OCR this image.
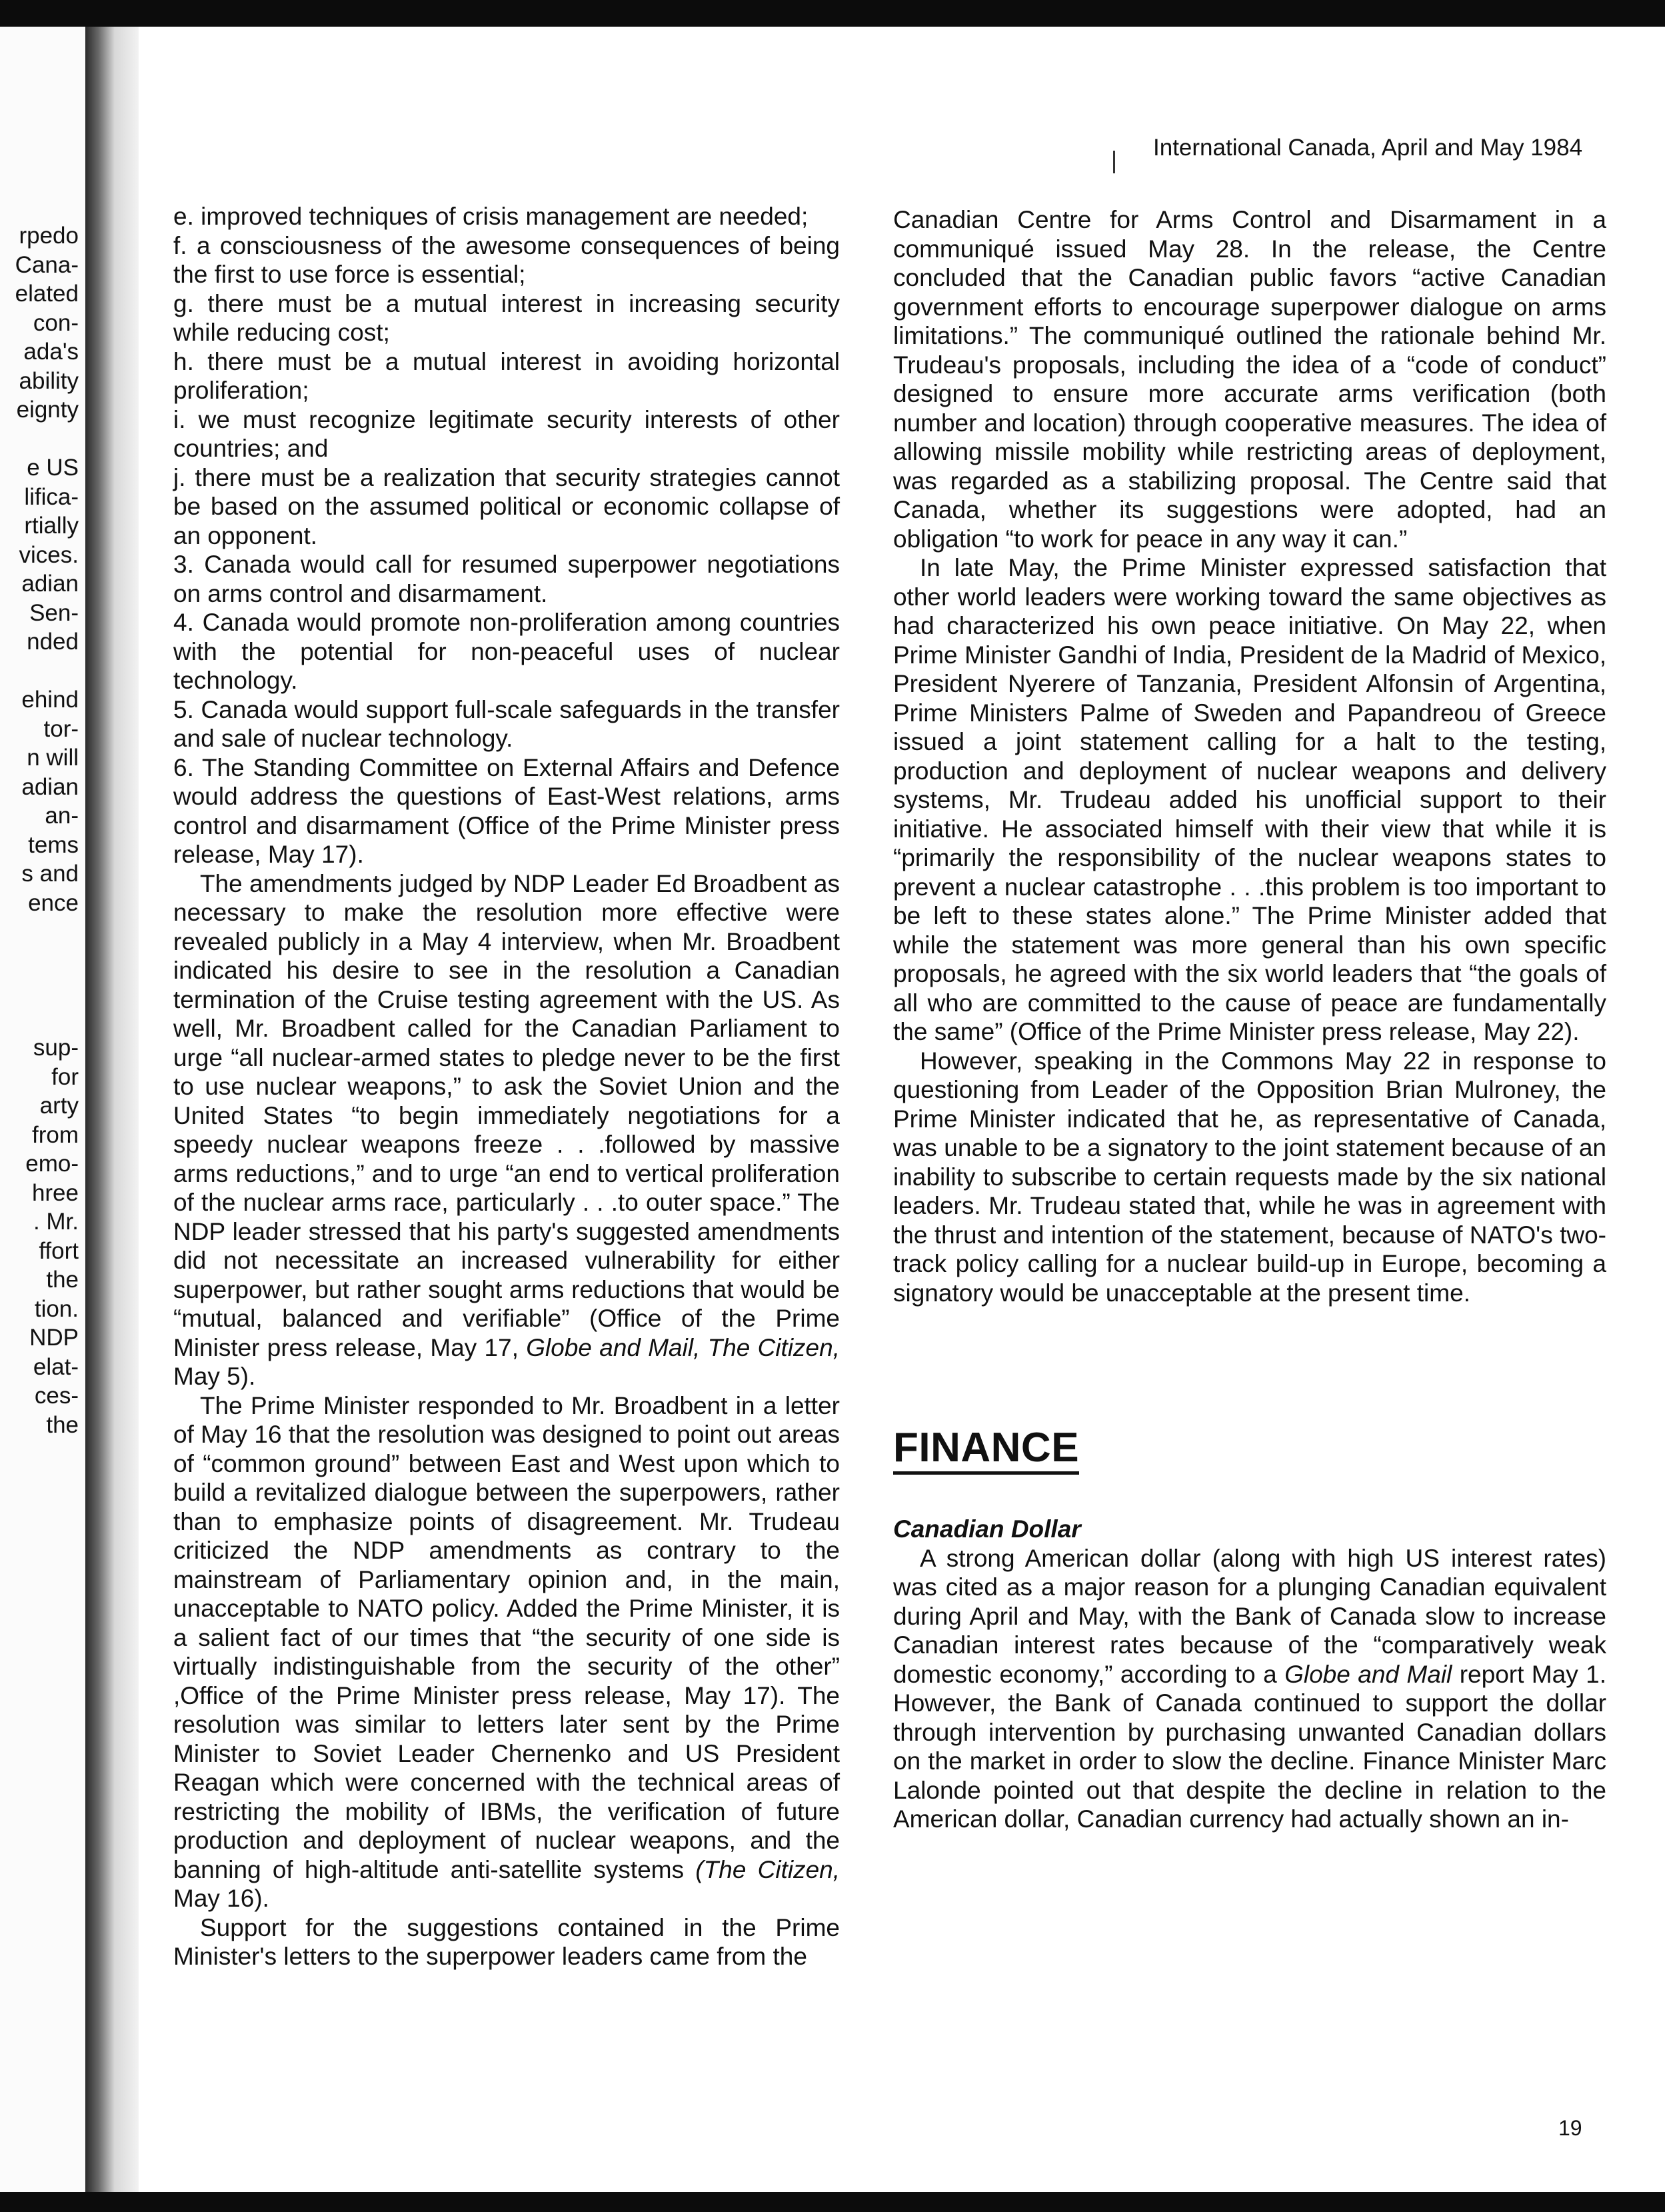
rpedo
Cana-
elated
con-
ada's
ability
eignty
e US
lifica-
rtially
vices.
adian
Sen-
nded
ehind
tor-
n will
adian
an-
tems
s and
ence
sup-
for
arty
from
emo-
hree
. Mr.
ffort
the
tion.
NDP
elat-
ces-
the
International Canada, April and May 1984

e. improved techniques of crisis management are needed;

f. a consciousness of the awesome consequences of being the first to use force is essential;

g. there must be a mutual interest in increasing security while reducing cost;

h. there must be a mutual interest in avoiding horizontal proliferation;

i. we must recognize legitimate security interests of other countries; and

j. there must be a realization that security strategies cannot be based on the assumed political or economic collapse of an opponent.

3. Canada would call for resumed superpower negotiations on arms control and disarmament.

4. Canada would promote non-proliferation among countries with the potential for non-peaceful uses of nuclear technology.

5. Canada would support full-scale safeguards in the transfer and sale of nuclear technology.

6. The Standing Committee on External Affairs and Defence would address the questions of East-West relations, arms control and disarmament (Office of the Prime Minister press release, May 17).

The amendments judged by NDP Leader Ed Broadbent as necessary to make the resolution more effective were revealed publicly in a May 4 interview, when Mr. Broadbent indicated his desire to see in the resolution a Canadian termination of the Cruise testing agreement with the US. As well, Mr. Broadbent called for the Canadian Parliament to urge “all nuclear-armed states to pledge never to be the first to use nuclear weapons,” to ask the Soviet Union and the United States “to begin immediately negotiations for a speedy nuclear weapons freeze . . .followed by massive arms reductions,” and to urge “an end to vertical proliferation of the nuclear arms race, particularly . . .to outer space.” The NDP leader stressed that his party's suggested amendments did not necessitate an increased vulnerability for either superpower, but rather sought arms reductions that would be “mutual, balanced and verifiable” (Office of the Prime Minister press release, May 17, Globe and Mail, The Citizen, May 5).

The Prime Minister responded to Mr. Broadbent in a letter of May 16 that the resolution was designed to point out areas of “common ground” between East and West upon which to build a revitalized dialogue between the superpowers, rather than to emphasize points of disagreement. Mr. Trudeau criticized the NDP amendments as contrary to the mainstream of Parliamentary opinion and, in the main, unacceptable to NATO policy. Added the Prime Minister, it is a salient fact of our times that “the security of one side is virtually indistinguishable from the security of the other” ,Office of the Prime Minister press release, May 17). The resolution was similar to letters later sent by the Prime Minister to Soviet Leader Chernenko and US President Reagan which were concerned with the technical areas of restricting the mobility of IBMs, the verification of future production and deployment of nuclear weapons, and the banning of high-altitude anti-satellite systems (The Citizen, May 16).

Support for the suggestions contained in the Prime Minister's letters to the superpower leaders came from the

Canadian Centre for Arms Control and Disarmament in a communiqué issued May 28. In the release, the Centre concluded that the Canadian public favors “active Canadian government efforts to encourage superpower dialogue on arms limitations.” The communiqué outlined the rationale behind Mr. Trudeau's proposals, including the idea of a “code of conduct” designed to ensure more accurate arms verification (both number and location) through cooperative measures. The idea of allowing missile mobility while restricting areas of deployment, was regarded as a stabilizing proposal. The Centre said that Canada, whether its suggestions were adopted, had an obligation “to work for peace in any way it can.”

In late May, the Prime Minister expressed satisfaction that other world leaders were working toward the same objectives as had characterized his own peace initiative. On May 22, when Prime Minister Gandhi of India, President de la Madrid of Mexico, President Nyerere of Tanzania, President Alfonsin of Argentina, Prime Ministers Palme of Sweden and Papandreou of Greece issued a joint statement calling for a halt to the testing, production and deployment of nuclear weapons and delivery systems, Mr. Trudeau added his unofficial support to their initiative. He associated himself with their view that while it is “primarily the responsibility of the nuclear weapons states to prevent a nuclear catastrophe . . .this problem is too important to be left to these states alone.” The Prime Minister added that while the statement was more general than his own specific proposals, he agreed with the six world leaders that “the goals of all who are committed to the cause of peace are fundamentally the same” (Office of the Prime Minister press release, May 22).

However, speaking in the Commons May 22 in response to questioning from Leader of the Opposition Brian Mulroney, the Prime Minister indicated that he, as representative of Canada, was unable to be a signatory to the joint statement because of an inability to subscribe to certain requests made by the six national leaders. Mr. Trudeau stated that, while he was in agreement with the thrust and intention of the statement, because of NATO's two-track policy calling for a nuclear build-up in Europe, becoming a signatory would be unacceptable at the present time.

FINANCE

Canadian Dollar

A strong American dollar (along with high US interest rates) was cited as a major reason for a plunging Canadian equivalent during April and May, with the Bank of Canada slow to increase Canadian interest rates because of the “comparatively weak domestic economy,” according to a Globe and Mail report May 1. However, the Bank of Canada continued to support the dollar through intervention by purchasing unwanted Canadian dollars on the market in order to slow the decline. Finance Minister Marc Lalonde pointed out that despite the decline in relation to the American dollar, Canadian currency had actually shown an in-

19
